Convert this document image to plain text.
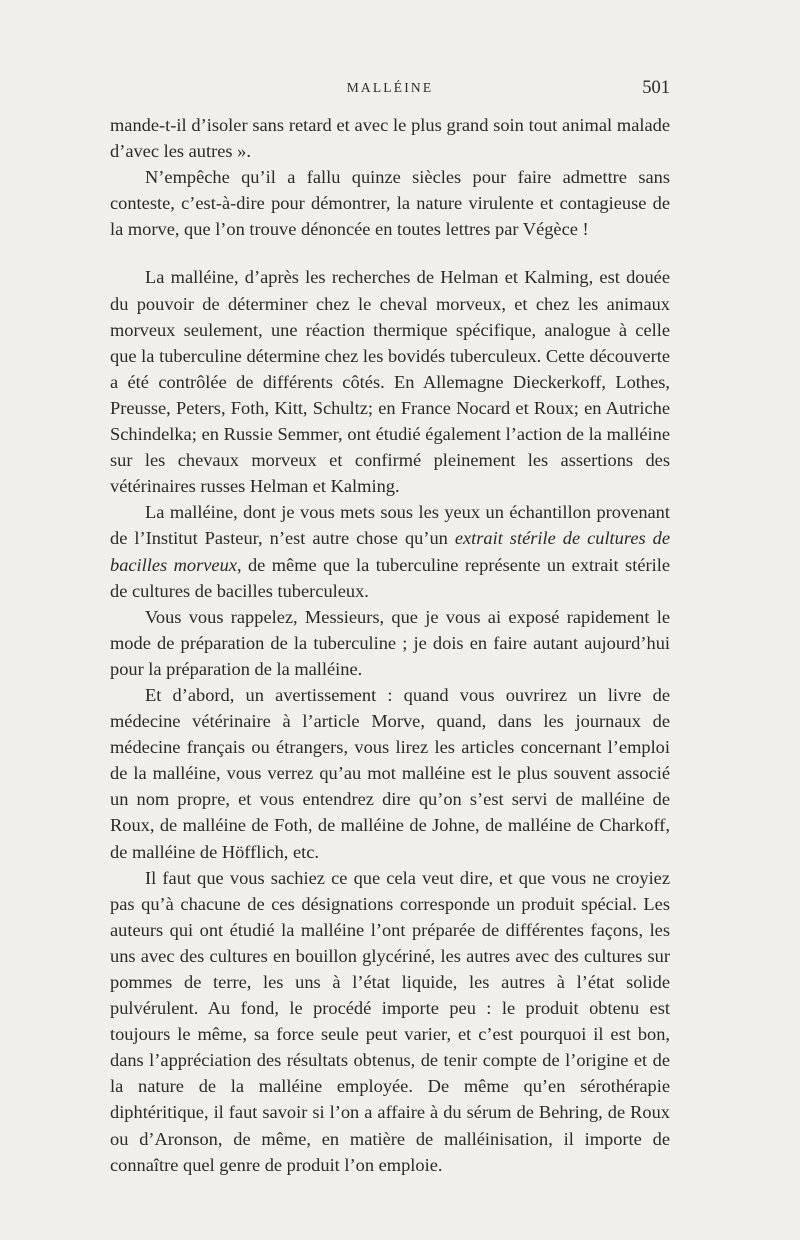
MALLÉINE	501

mande-t-il d’isoler sans retard et avec le plus grand soin tout animal malade d’avec les autres ».

N’empêche qu’il a fallu quinze siècles pour faire admettre sans conteste, c’est-à-dire pour démontrer, la nature virulente et contagieuse de la morve, que l’on trouve dénoncée en toutes lettres par Végèce !

La malléine, d’après les recherches de Helman et Kalming, est douée du pouvoir de déterminer chez le cheval morveux, et chez les animaux morveux seulement, une réaction thermique spécifique, analogue à celle que la tuberculine détermine chez les bovidés tuberculeux. Cette découverte a été contrôlée de différents côtés. En Allemagne Dieckerkoff, Lothes, Preusse, Peters, Foth, Kitt, Schultz; en France Nocard et Roux; en Autriche Schindelka; en Russie Semmer, ont étudié également l’action de la malléine sur les chevaux morveux et confirmé pleinement les assertions des vétérinaires russes Helman et Kalming.

La malléine, dont je vous mets sous les yeux un échantillon provenant de l’Institut Pasteur, n’est autre chose qu’un extrait stérile de cultures de bacilles morveux, de même que la tuberculine représente un extrait stérile de cultures de bacilles tuberculeux.

Vous vous rappelez, Messieurs, que je vous ai exposé rapidement le mode de préparation de la tuberculine ; je dois en faire autant aujourd’hui pour la préparation de la malléine.

Et d’abord, un avertissement : quand vous ouvrirez un livre de médecine vétérinaire à l’article Morve, quand, dans les journaux de médecine français ou étrangers, vous lirez les articles concernant l’emploi de la malléine, vous verrez qu’au mot malléine est le plus souvent associé un nom propre, et vous entendrez dire qu’on s’est servi de malléine de Roux, de malléine de Foth, de malléine de Johne, de malléine de Charkoff, de malléine de Höfflich, etc.

Il faut que vous sachiez ce que cela veut dire, et que vous ne croyiez pas qu’à chacune de ces désignations corresponde un produit spécial. Les auteurs qui ont étudié la malléine l’ont préparée de différentes façons, les uns avec des cultures en bouillon glycériné, les autres avec des cultures sur pommes de terre, les uns à l’état liquide, les autres à l’état solide pulvérulent. Au fond, le procédé importe peu : le produit obtenu est toujours le même, sa force seule peut varier, et c’est pourquoi il est bon, dans l’appréciation des résultats obtenus, de tenir compte de l’origine et de la nature de la malléine employée. De même qu’en sérothérapie diphtéritique, il faut savoir si l’on a affaire à du sérum de Behring, de Roux ou d’Aronson, de même, en matière de malléinisation, il importe de connaître quel genre de produit l’on emploie.
